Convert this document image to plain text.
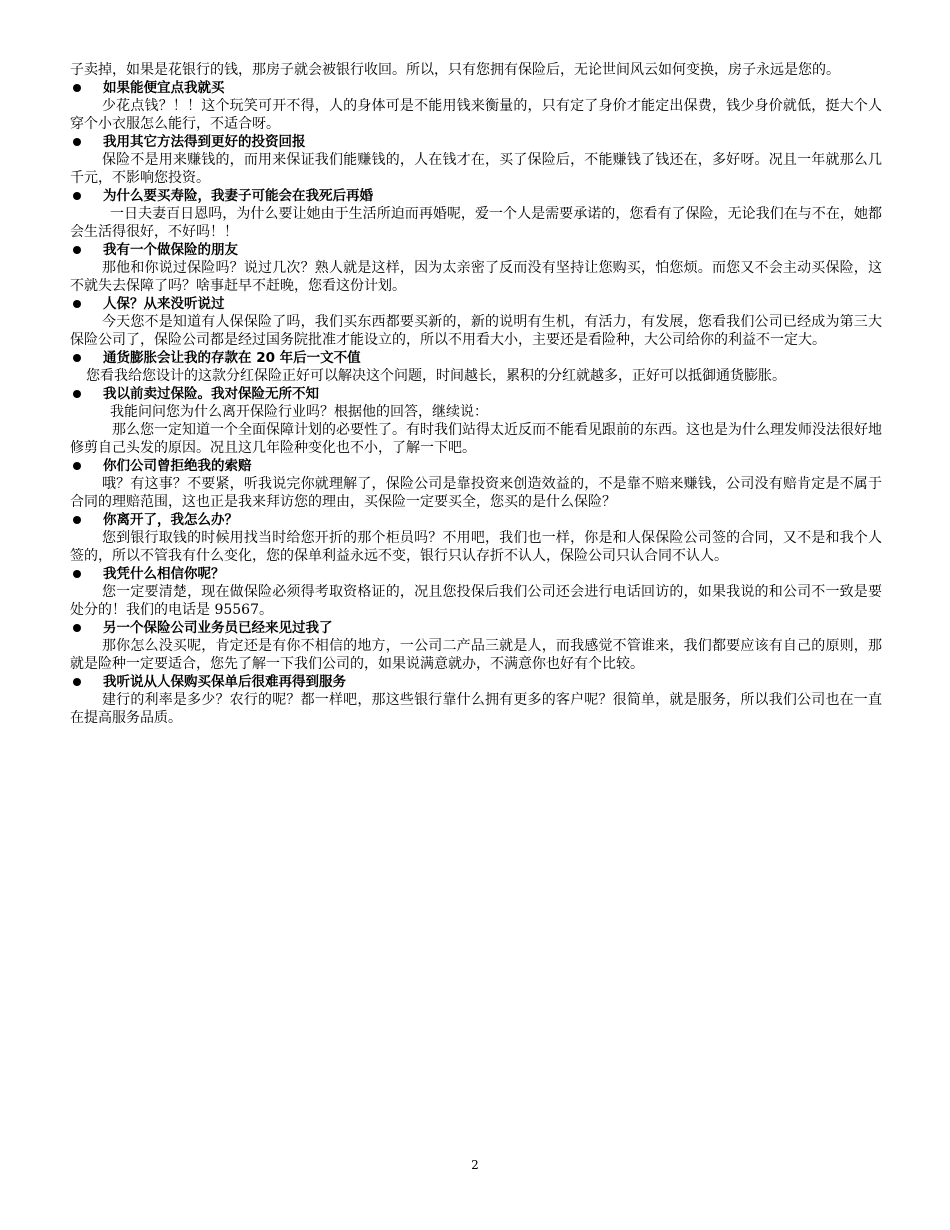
子卖掉，如果是花银行的钱，那房子就会被银行收回。所以，只有您拥有保险后，无论世间风云如何变换，房子永远是您的。

如果能便宜点我就买

少花点钱？！！这个玩笑可开不得，人的身体可是不能用钱来衡量的，只有定了身价才能定出保费，钱少身价就低，挺大个人穿个小衣服怎么能行，不适合呀。

我用其它方法得到更好的投资回报

保险不是用来赚钱的，而用来保证我们能赚钱的，人在钱才在，买了保险后，不能赚钱了钱还在，多好呀。况且一年就那么几千元，不影响您投资。

为什么要买寿险，我妻子可能会在我死后再婚

一日夫妻百日恩吗，为什么要让她由于生活所迫而再婚呢，爱一个人是需要承诺的，您看有了保险，无论我们在与不在，她都会生活得很好，不好吗！！

我有一个做保险的朋友

那他和你说过保险吗？说过几次？熟人就是这样，因为太亲密了反而没有坚持让您购买，怕您烦。而您又不会主动买保险，这不就失去保障了吗？啥事赶早不赶晚，您看这份计划。

人保？从来没听说过

今天您不是知道有人保保险了吗，我们买东西都要买新的，新的说明有生机，有活力，有发展，您看我们公司已经成为第三大保险公司了，保险公司都是经过国务院批准才能设立的，所以不用看大小，主要还是看险种，大公司给你的利益不一定大。

通货膨胀会让我的存款在 20 年后一文不值

您看我给您设计的这款分红保险正好可以解决这个问题，时间越长，累积的分红就越多，正好可以抵御通货膨胀。

我以前卖过保险。我对保险无所不知

我能问问您为什么离开保险行业吗？根据他的回答，继续说：

那么您一定知道一个全面保障计划的必要性了。有时我们站得太近反而不能看见跟前的东西。这也是为什么理发师没法很好地修剪自己头发的原因。况且这几年险种变化也不小，了解一下吧。

你们公司曾拒绝我的索赔

哦？有这事？不要紧，听我说完你就理解了，保险公司是靠投资来创造效益的，不是靠不赔来赚钱，公司没有赔肯定是不属于合同的理赔范围，这也正是我来拜访您的理由，买保险一定要买全，您买的是什么保险？

你离开了，我怎么办？

您到银行取钱的时候用找当时给您开折的那个柜员吗？不用吧，我们也一样，你是和人保保险公司签的合同，又不是和我个人签的，所以不管我有什么变化，您的保单利益永远不变，银行只认存折不认人，保险公司只认合同不认人。

我凭什么相信你呢？

您一定要清楚，现在做保险必须得考取资格证的，况且您投保后我们公司还会进行电话回访的，如果我说的和公司不一致是要处分的！我们的电话是 95567。

另一个保险公司业务员已经来见过我了

那你怎么没买呢，肯定还是有你不相信的地方，一公司二产品三就是人，而我感觉不管谁来，我们都要应该有自己的原则，那就是险种一定要适合，您先了解一下我们公司的，如果说满意就办，不满意你也好有个比较。

我听说从人保购买保单后很难再得到服务

建行的利率是多少？农行的呢？都一样吧，那这些银行靠什么拥有更多的客户呢？很简单，就是服务，所以我们公司也在一直在提高服务品质。

2
